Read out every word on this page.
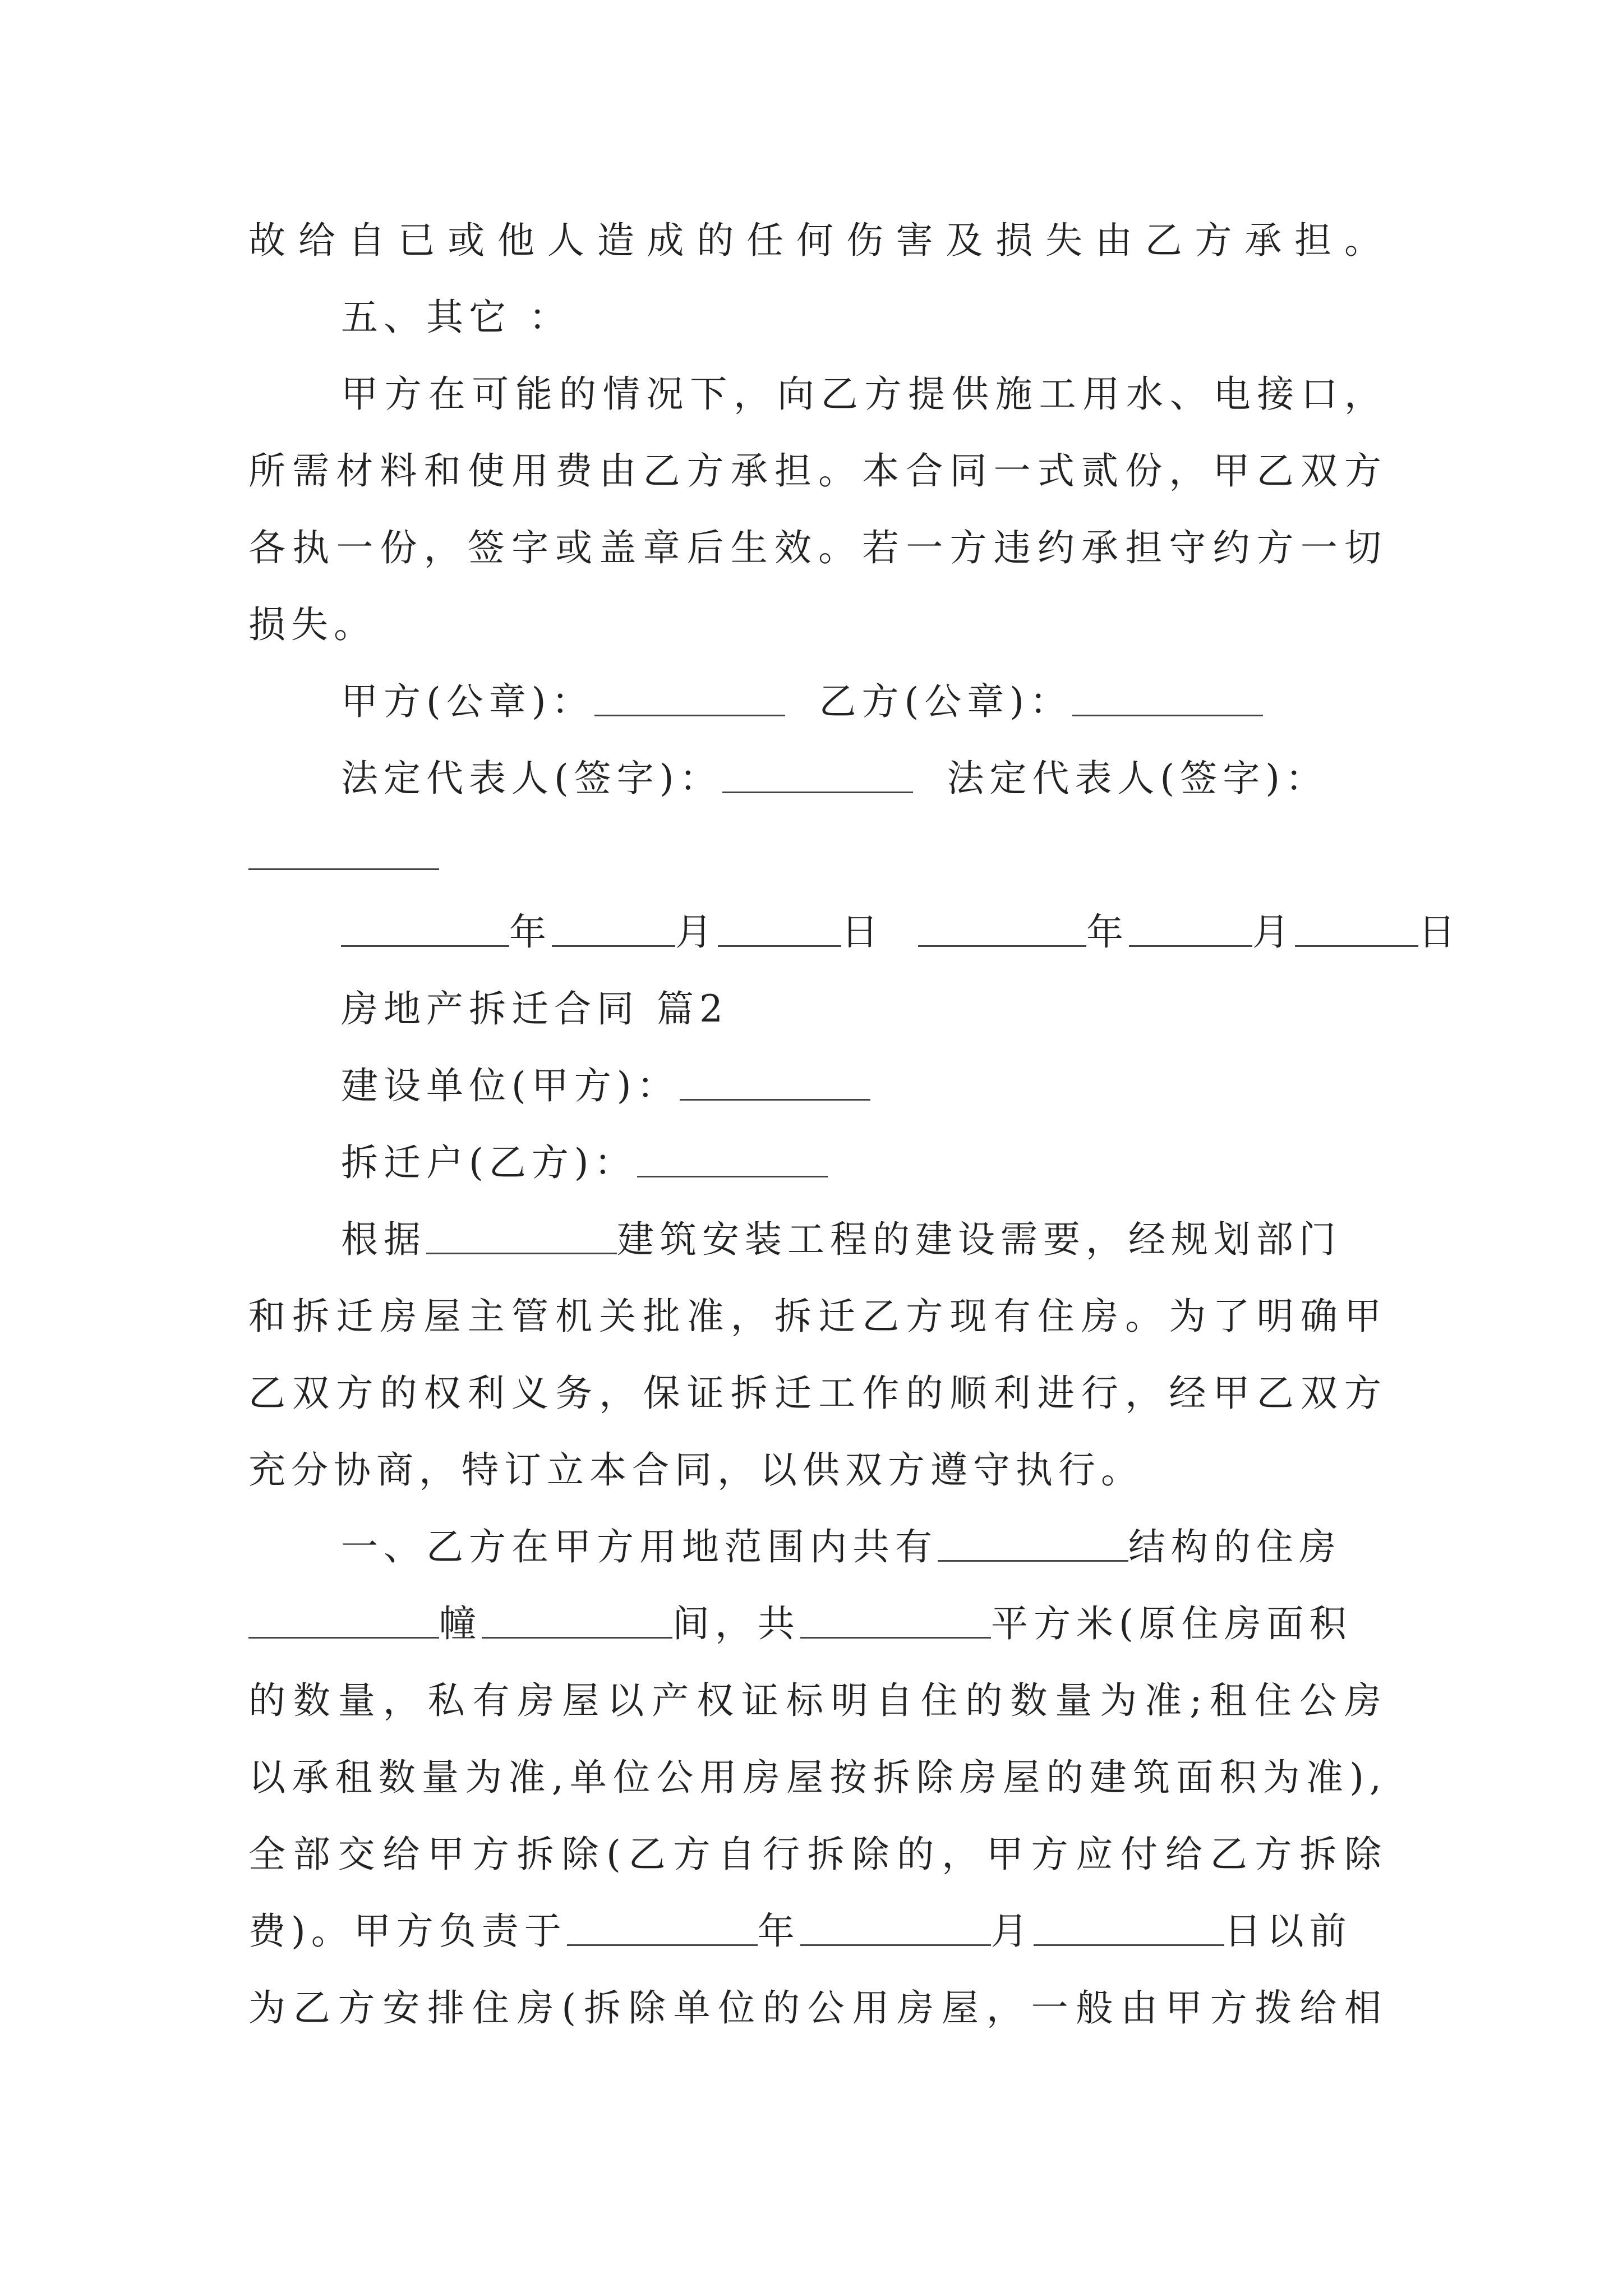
故给自已或他人造成的任何伤害及损失由乙方承担。
五、其它 ：
甲方在可能的情况下，向乙方提供施工用水、电接口，
所需材料和使用费由乙方承担。本合同一式贰份，甲乙双方
各执一份，签字或盖章后生效。若一方违约承担守约方一切
损失。
甲方(公章)：	乙方(公章)：
法定代表人(签字)：	法定代表人(签字)：
年	月	日	年	月	日
房地产拆迁合同 篇2
建设单位(甲方)：
拆迁户(乙方)：
根据	建筑安装工程的建设需要，经规划部门
和拆迁房屋主管机关批准，拆迁乙方现有住房。为了明确甲
乙双方的权利义务，保证拆迁工作的顺利进行，经甲乙双方
充分协商，特订立本合同，以供双方遵守执行。
一、乙方在甲方用地范围内共有	结构的住房
幢	间，共	平方米(原住房面积
的数量，私有房屋以产权证标明自住的数量为准;租住公房
以承租数量为准,单位公用房屋按拆除房屋的建筑面积为准),
全部交给甲方拆除(乙方自行拆除的，甲方应付给乙方拆除
费)。甲方负责于	年	月	日以前
为乙方安排住房(拆除单位的公用房屋，一般由甲方拨给相
